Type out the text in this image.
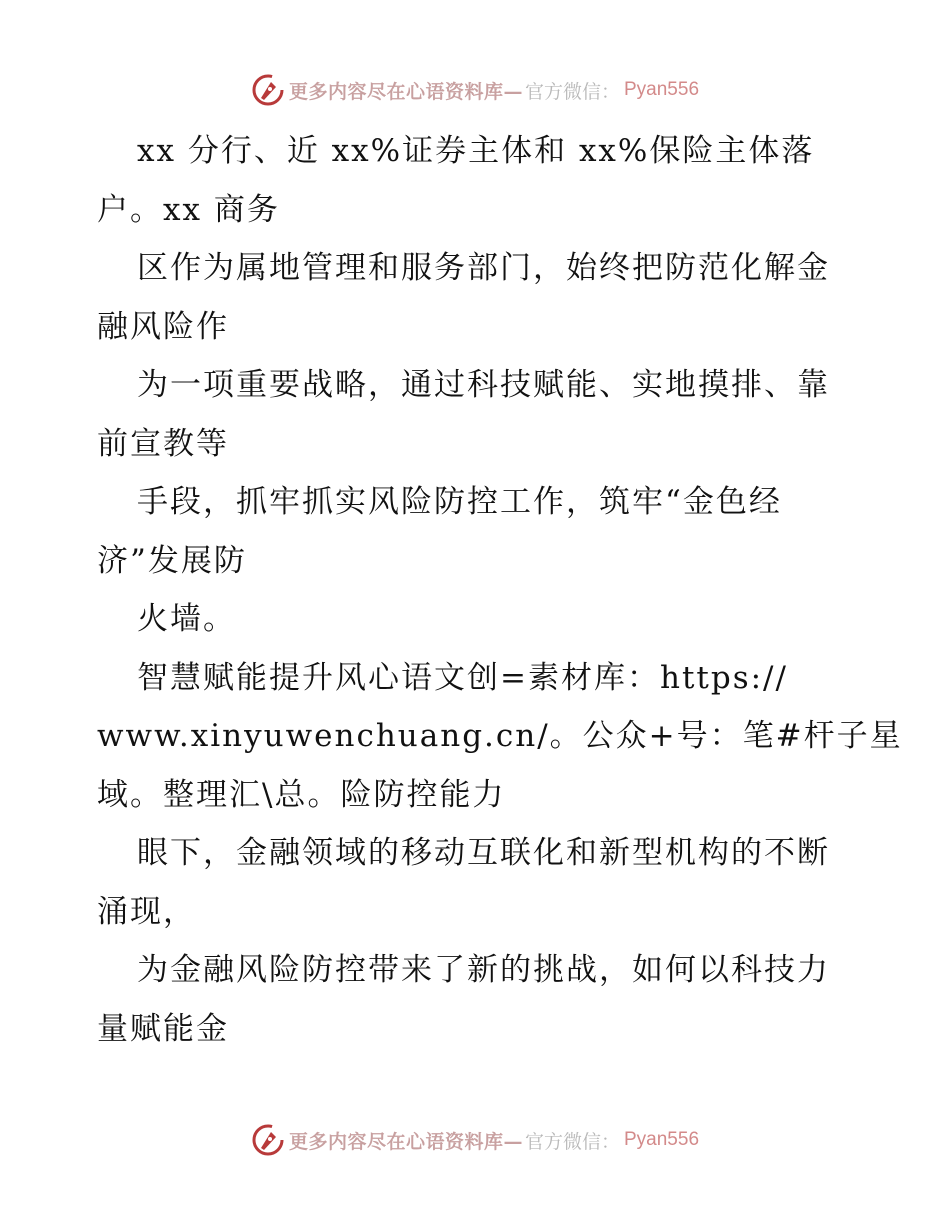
更多内容尽在心语资料库— 官方微信： Pyan556
xx 分行、近 xx%证券主体和 xx%保险主体落
户。xx 商务
区作为属地管理和服务部门，始终把防范化解金
融风险作
为一项重要战略，通过科技赋能、实地摸排、靠
前宣教等
手段，抓牢抓实风险防控工作，筑牢“金色经
济”发展防
火墙。
智慧赋能提升风心语文创=素材库：https://
www.xinyuwenchuang.cn/。公众+号：笔#杆子星
域。整理汇\总。险防控能力
眼下，金融领域的移动互联化和新型机构的不断
涌现，
为金融风险防控带来了新的挑战，如何以科技力
量赋能金
更多内容尽在心语资料库— 官方微信： Pyan556
